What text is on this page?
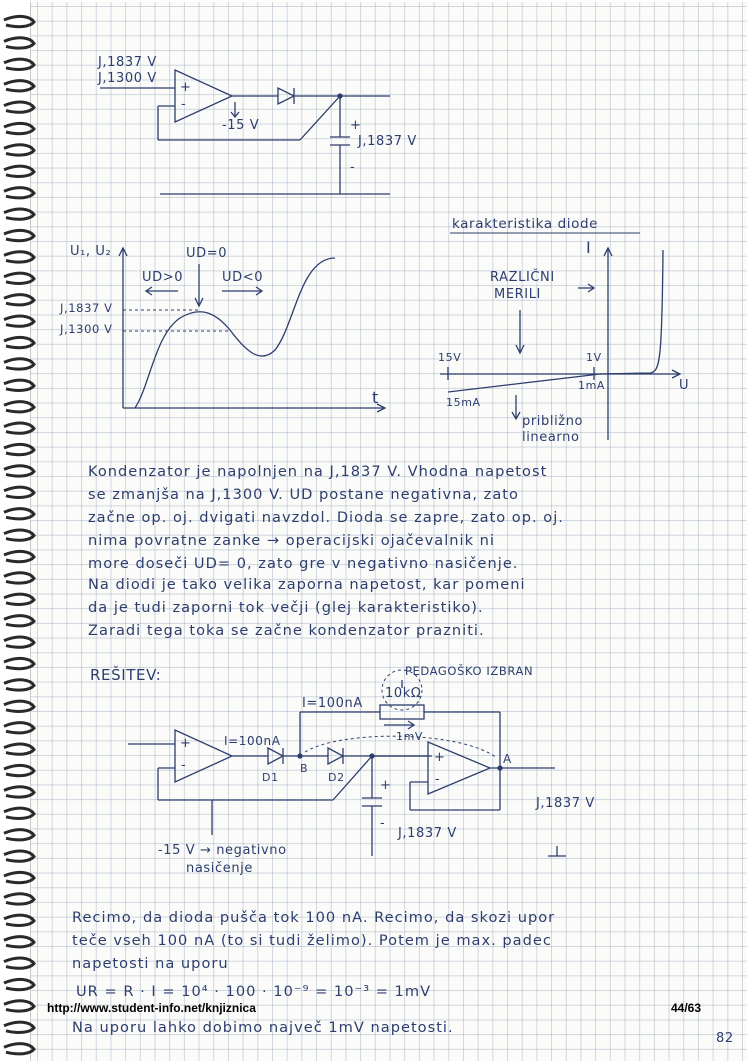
J,1837 V
J,1300 V
+
-
-15 V	+
-
J,1837 V
U₁, U₂
t
UD=0
UD>0	UD<0
J,1837 V
J,1300 V
karakteristika diode
I
U
RAZLIČNI
MERILI
15V	1V
1mA
15mA
približno
linearno
Kondenzator je napolnjen na J,1837 V. Vhodna napetost
se zmanjša na J,1300 V. UD postane negativna, zato
začne op. oj. dvigati navzdol. Dioda se zapre, zato op. oj.
nima povratne zanke → operacijski ojačevalnik ni
more doseči UD= 0, zato gre v negativno nasičenje.
Na diodi je tako velika zaporna napetost, kar pomeni
da je tudi zaporni tok večji (glej karakteristiko).
Zaradi tega toka se začne kondenzator prazniti.
REŠITEV:	PEDAGOŠKO IZBRAN
10kΩ
I=100nA
I=100nA	1mV
D1	D2
B
A
+
-
+
-
+
-
J,1837 V
J,1837 V
-15 V → negativno
nasičenje
Recimo, da dioda pušča tok 100 nA. Recimo, da skozi upor
teče vseh 100 nA (to si tudi želimo). Potem je max. padec
napetosti na uporu
UR = R · I = 10⁴ · 100 · 10⁻⁹ = 10⁻³ = 1mV
Na uporu lahko dobimo največ 1mV napetosti.
http://www.student-info.net/knjiznica	44/63
82
